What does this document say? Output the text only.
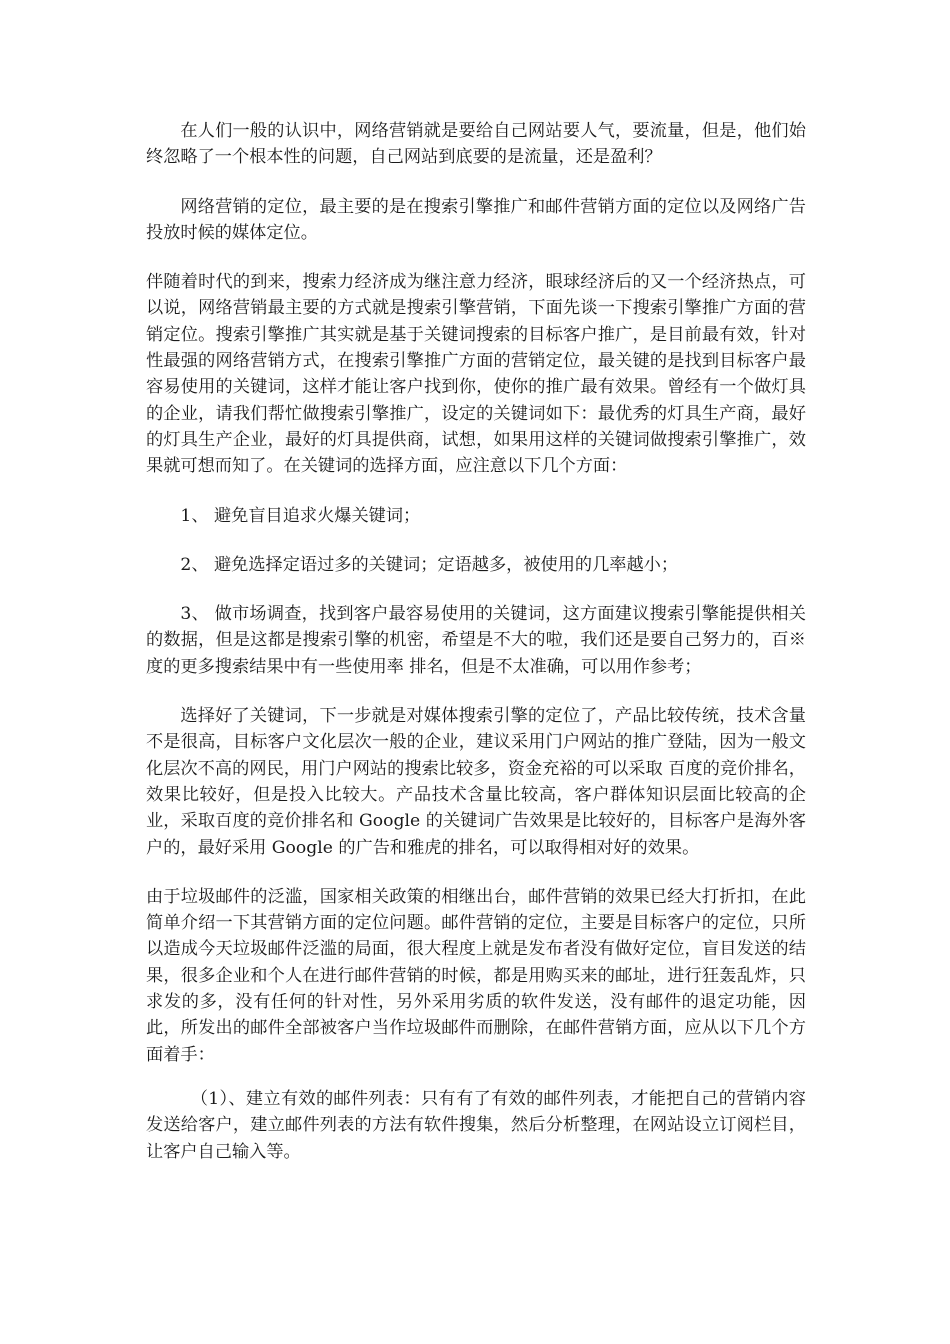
在人们一般的认识中，网络营销就是要给自己网站要人气，要流量，但是，他们始终忽略了一个根本性的问题，自己网站到底要的是流量，还是盈利？

网络营销的定位，最主要的是在搜索引擎推广和邮件营销方面的定位以及网络广告投放时候的媒体定位。

伴随着时代的到来，搜索力经济成为继注意力经济，眼球经济后的又一个经济热点，可以说，网络营销最主要的方式就是搜索引擎营销，下面先谈一下搜索引擎推广方面的营销定位。搜索引擎推广其实就是基于关键词搜索的目标客户推广，是目前最有效，针对性最强的网络营销方式，在搜索引擎推广方面的营销定位，最关键的是找到目标客户最容易使用的关键词，这样才能让客户找到你，使你的推广最有效果。曾经有一个做灯具的企业，请我们帮忙做搜索引擎推广，设定的关键词如下：最优秀的灯具生产商，最好的灯具生产企业，最好的灯具提供商，试想，如果用这样的关键词做搜索引擎推广，效果就可想而知了。在关键词的选择方面，应注意以下几个方面：

1、 避免盲目追求火爆关键词；

2、 避免选择定语过多的关键词；定语越多，被使用的几率越小；

3、 做市场调查，找到客户最容易使用的关键词，这方面建议搜索引擎能提供相关的数据，但是这都是搜索引擎的机密，希望是不大的啦，我们还是要自己努力的，百※度的更多搜索结果中有一些使用率 排名，但是不太准确，可以用作参考；

选择好了关键词，下一步就是对媒体搜索引擎的定位了，产品比较传统，技术含量不是很高，目标客户文化层次一般的企业，建议采用门户网站的推广登陆，因为一般文化层次不高的网民，用门户网站的搜索比较多，资金充裕的可以采取 百度的竞价排名，效果比较好，但是投入比较大。产品技术含量比较高，客户群体知识层面比较高的企业，采取百度的竞价排名和 Google 的关键词广告效果是比较好的，目标客户是海外客户的，最好采用 Google 的广告和雅虎的排名，可以取得相对好的效果。

由于垃圾邮件的泛滥，国家相关政策的相继出台，邮件营销的效果已经大打折扣，在此简单介绍一下其营销方面的定位问题。邮件营销的定位，主要是目标客户的定位，只所以造成今天垃圾邮件泛滥的局面，很大程度上就是发布者没有做好定位，盲目发送的结果，很多企业和个人在进行邮件营销的时候，都是用购买来的邮址，进行狂轰乱炸，只求发的多，没有任何的针对性，另外采用劣质的软件发送，没有邮件的退定功能，因此，所发出的邮件全部被客户当作垃圾邮件而删除，在邮件营销方面，应从以下几个方面着手：

（1）、建立有效的邮件列表：只有有了有效的邮件列表，才能把自己的营销内容发送给客户，建立邮件列表的方法有软件搜集，然后分析整理，在网站设立订阅栏目，让客户自己输入等。
